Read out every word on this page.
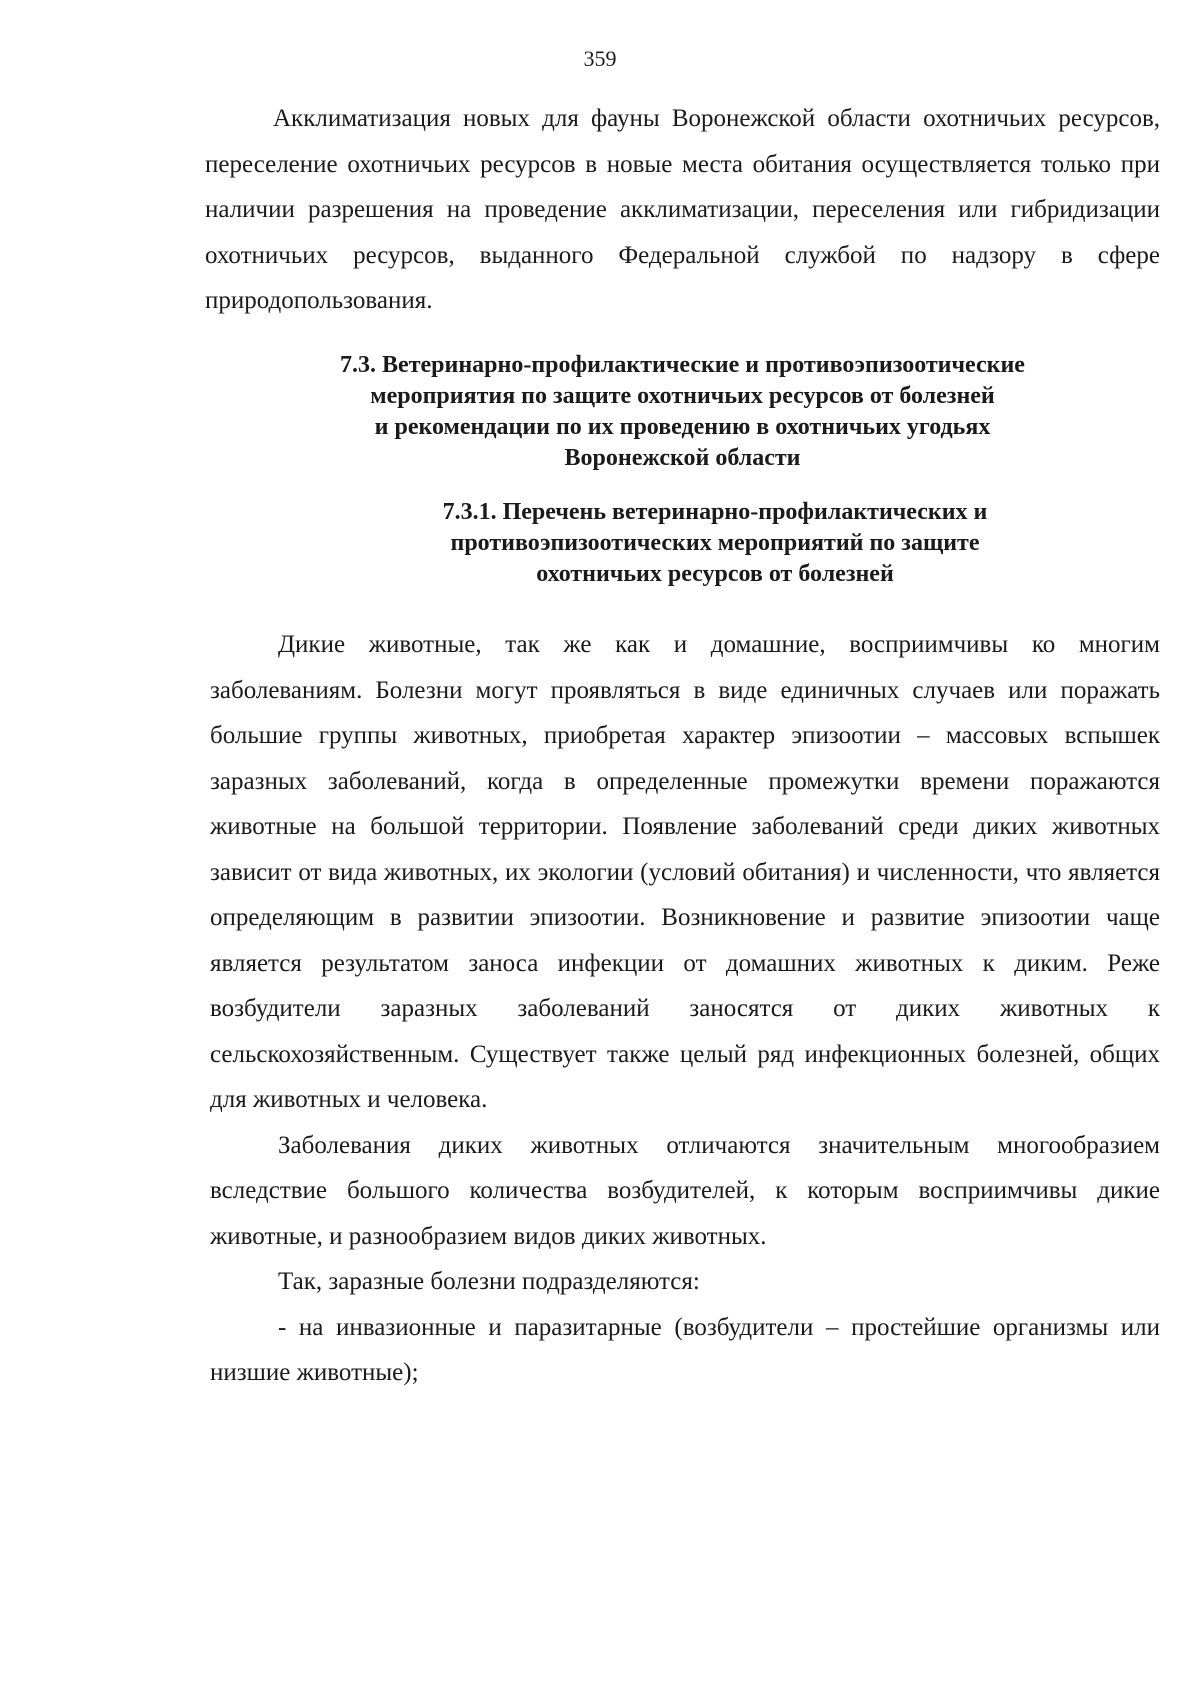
359

Акклиматизация новых для фауны Воронежской области охотничьих ресурсов, переселение охотничьих ресурсов в новые места обитания осуществляется только при наличии разрешения на проведение акклиматизации, переселения или гибридизации охотничьих ресурсов, выданного Федеральной службой по надзору в сфере природопользования.

7.3. Ветеринарно-профилактические и противоэпизоотические
мероприятия по защите охотничьих ресурсов от болезней
и рекомендации по их проведению в охотничьих угодьях
Воронежской области
7.3.1. Перечень ветеринарно-профилактических и
противоэпизоотических мероприятий по защите
охотничьих ресурсов от болезней

Дикие животные, так же как и домашние, восприимчивы ко многим заболеваниям. Болезни могут проявляться в виде единичных случаев или поражать большие группы животных, приобретая характер эпизоотии – массовых вспышек заразных заболеваний, когда в определенные промежутки времени поражаются животные на большой территории. Появление заболеваний среди диких животных зависит от вида животных, их экологии (условий обитания) и численности, что является определяющим в развитии эпизоотии. Возникновение и развитие эпизоотии чаще является результатом заноса инфекции от домашних животных к диким. Реже возбудители заразных заболеваний заносятся от диких животных к сельскохозяйственным. Существует также целый ряд инфекционных болезней, общих для животных и человека.

Заболевания диких животных отличаются значительным многообразием вследствие большого количества возбудителей, к которым восприимчивы дикие животные, и разнообразием видов диких животных.

Так, заразные болезни подразделяются:

- на инвазионные и паразитарные (возбудители – простейшие организмы или низшие животные);
